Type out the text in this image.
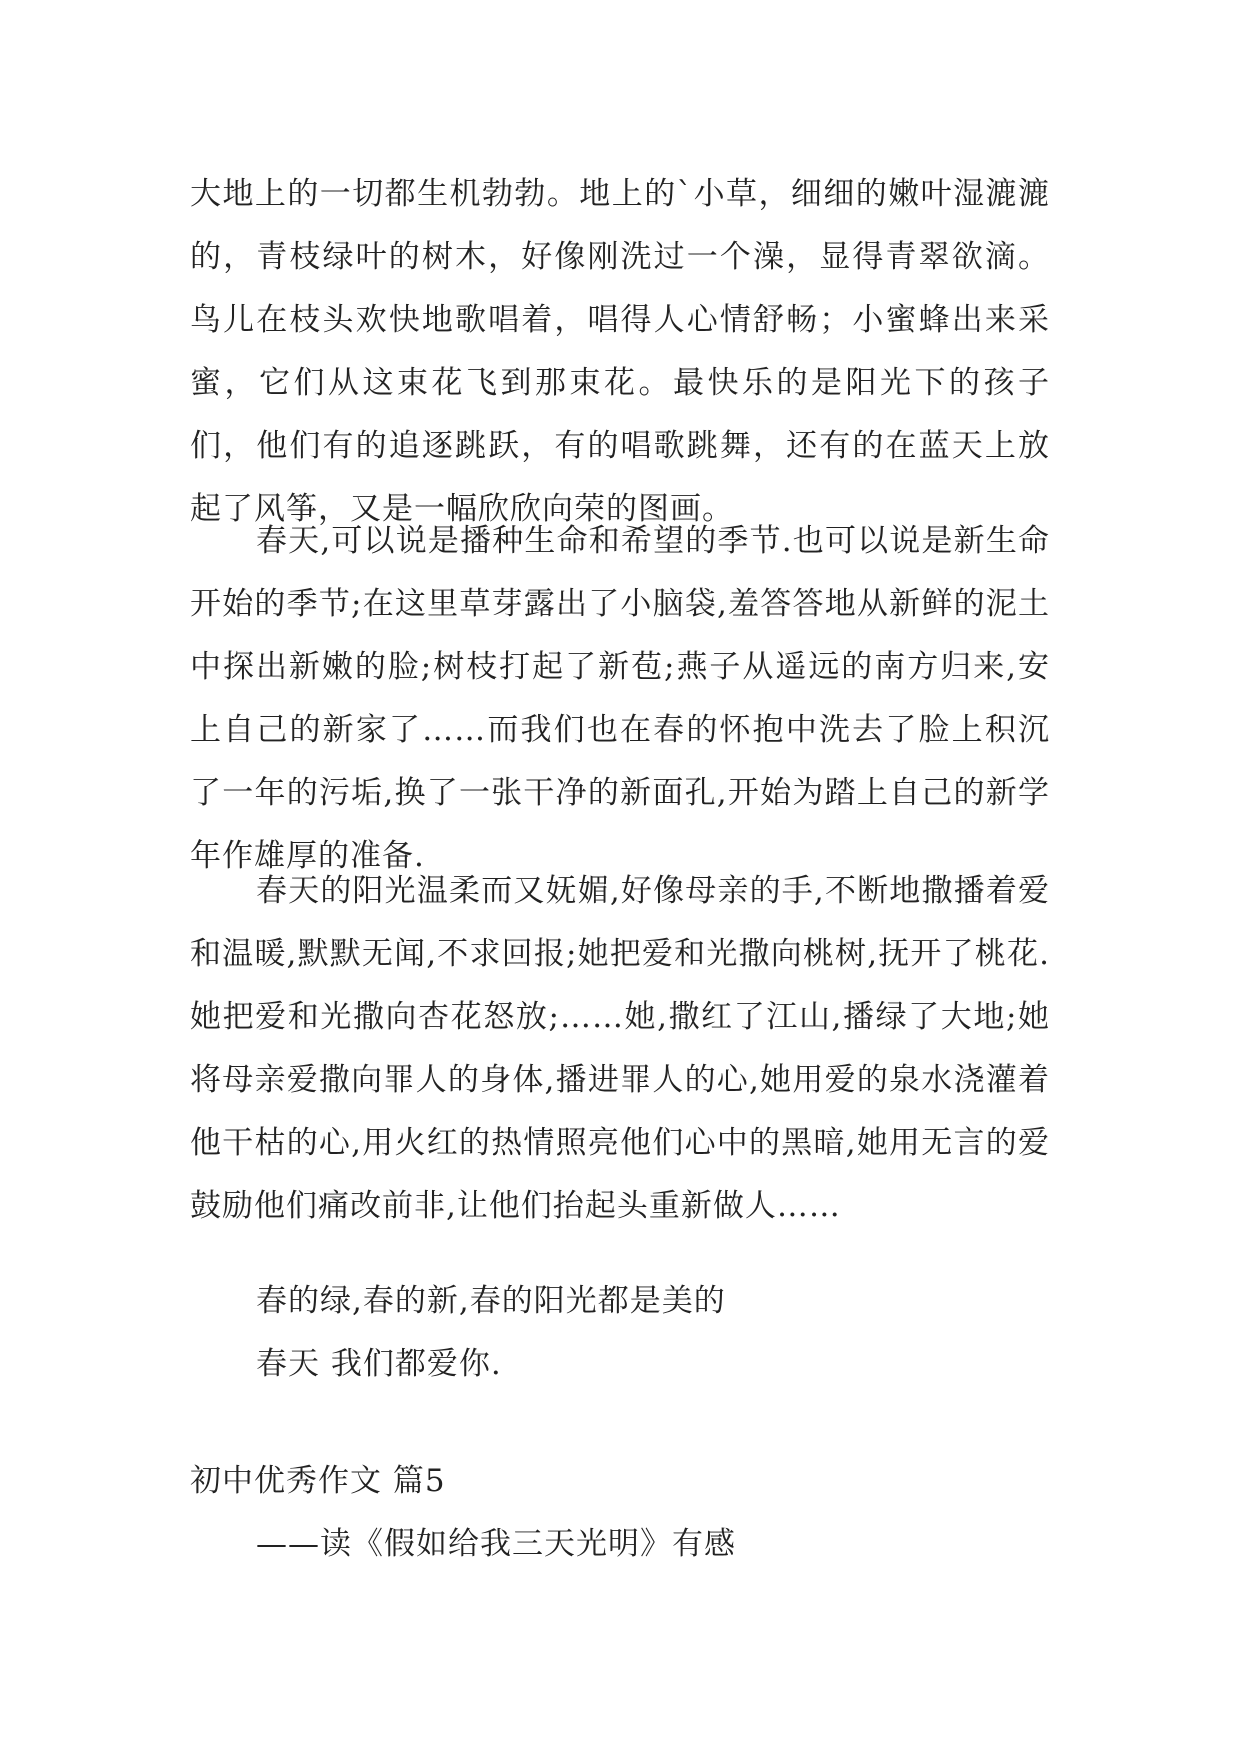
大地上的一切都生机勃勃。地上的`小草，细细的嫩叶湿漉漉的，青枝绿叶的树木，好像刚洗过一个澡，显得青翠欲滴。鸟儿在枝头欢快地歌唱着，唱得人心情舒畅；小蜜蜂出来采蜜，它们从这束花飞到那束花。最快乐的是阳光下的孩子们，他们有的追逐跳跃，有的唱歌跳舞，还有的在蓝天上放起了风筝，又是一幅欣欣向荣的图画。

春天,可以说是播种生命和希望的季节.也可以说是新生命开始的季节;在这里草芽露出了小脑袋,羞答答地从新鲜的泥土中探出新嫩的脸;树枝打起了新苞;燕子从遥远的南方归来,安上自己的新家了……而我们也在春的怀抱中洗去了脸上积沉了一年的污垢,换了一张干净的新面孔,开始为踏上自己的新学年作雄厚的准备.

春天的阳光温柔而又妩媚,好像母亲的手,不断地撒播着爱和温暖,默默无闻,不求回报;她把爱和光撒向桃树,抚开了桃花.她把爱和光撒向杏花怒放;……她,撒红了江山,播绿了大地;她将母亲爱撒向罪人的身体,播进罪人的心,她用爱的泉水浇灌着他干枯的心,用火红的热情照亮他们心中的黑暗,她用无言的爱鼓励他们痛改前非,让他们抬起头重新做人……

春的绿,春的新,春的阳光都是美的

春天 我们都爱你.

初中优秀作文 篇5

——读《假如给我三天光明》有感
